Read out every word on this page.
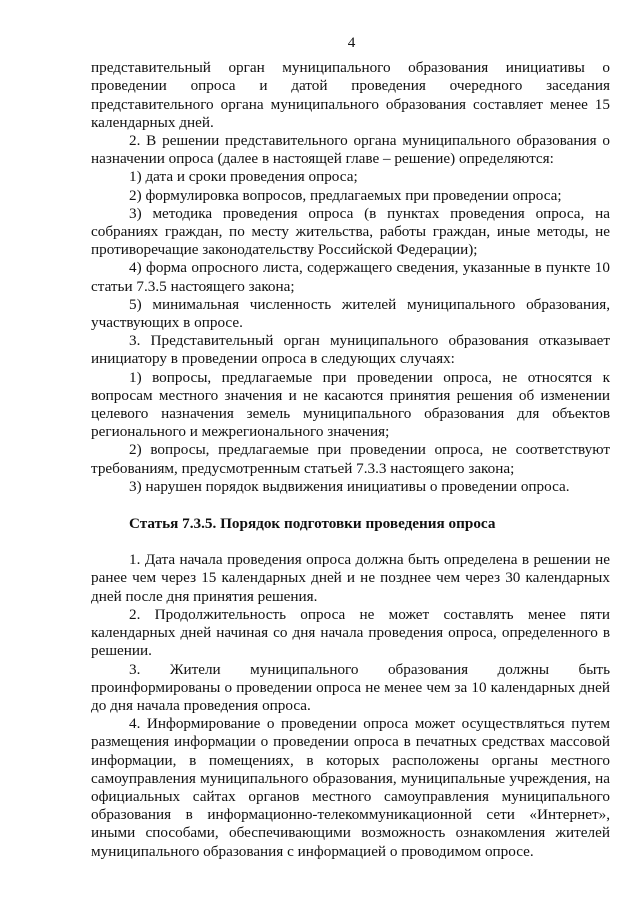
4

представительный орган муниципального образования инициативы о проведении опроса и датой проведения очередного заседания представительного органа муниципального образования составляет менее 15 календарных дней.

2. В решении представительного органа муниципального образования о назначении опроса (далее в настоящей главе – решение) определяются:

1) дата и сроки проведения опроса;

2) формулировка вопросов, предлагаемых при проведении опроса;

3) методика проведения опроса (в пунктах проведения опроса, на собраниях граждан, по месту жительства, работы граждан, иные методы, не противоречащие законодательству Российской Федерации);

4) форма опросного листа, содержащего сведения, указанные в пункте 10 статьи 7.3.5 настоящего закона;

5) минимальная численность жителей муниципального образования, участвующих в опросе.

3. Представительный орган муниципального образования отказывает инициатору в проведении опроса в следующих случаях:

1) вопросы, предлагаемые при проведении опроса, не относятся к вопросам местного значения и не касаются принятия решения об изменении целевого назначения земель муниципального образования для объектов регионального и межрегионального значения;

2) вопросы, предлагаемые при проведении опроса, не соответствуют требованиям, предусмотренным статьей 7.3.3 настоящего закона;

3) нарушен порядок выдвижения инициативы о проведении опроса.

Статья 7.3.5. Порядок подготовки проведения опроса

1. Дата начала проведения опроса должна быть определена в решении не ранее чем через 15 календарных дней и не позднее чем через 30 календарных дней после дня принятия решения.

2. Продолжительность опроса не может составлять менее пяти календарных дней начиная со дня начала проведения опроса, определенного в решении.

3. Жители муниципального образования должны быть проинформированы о проведении опроса не менее чем за 10 календарных дней до дня начала проведения опроса.

4. Информирование о проведении опроса может осуществляться путем размещения информации о проведении опроса в печатных средствах массовой информации, в помещениях, в которых расположены органы местного самоуправления муниципального образования, муниципальные учреждения, на официальных сайтах органов местного самоуправления муниципального образования в информационно-телекоммуникационной сети «Интернет», иными способами, обеспечивающими возможность ознакомления жителей муниципального образования с информацией о проводимом опросе.
